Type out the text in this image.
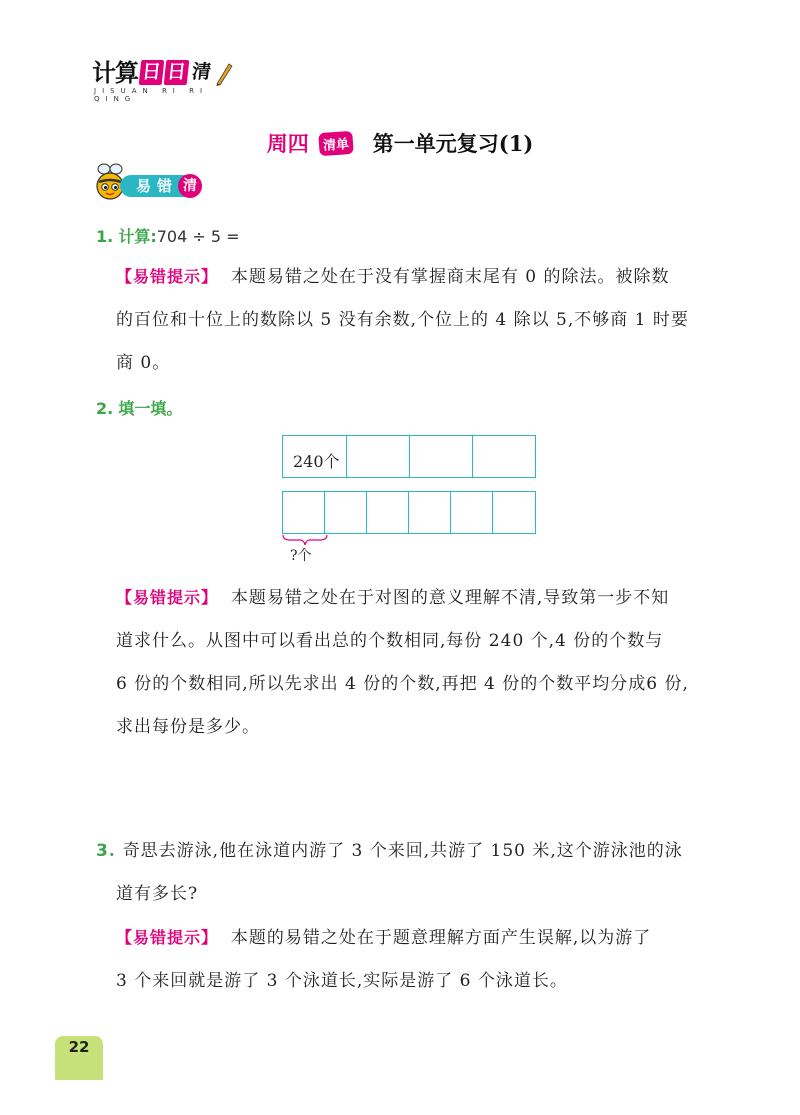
计算 日 日 清
JISUAN RI RI QING
周四	清单 第一单元复习(1)
易错 清
1. 计算:704 ÷ 5 =
【易错提示】 本题易错之处在于没有掌握商末尾有 0 的除法。被除数
的百位和十位上的数除以 5 没有余数,个位上的 4 除以 5,不够商 1 时要
商 0。
2. 填一填。
240个
?个
【易错提示】 本题易错之处在于对图的意义理解不清,导致第一步不知
道求什么。从图中可以看出总的个数相同,每份 240 个,4 份的个数与
6 份的个数相同,所以先求出 4 份的个数,再把 4 份的个数平均分成6 份,
求出每份是多少。
3. 奇思去游泳,他在泳道内游了 3 个来回,共游了 150 米,这个游泳池的泳
道有多长?
【易错提示】 本题的易错之处在于题意理解方面产生误解,以为游了
3 个来回就是游了 3 个泳道长,实际是游了 6 个泳道长。
22
